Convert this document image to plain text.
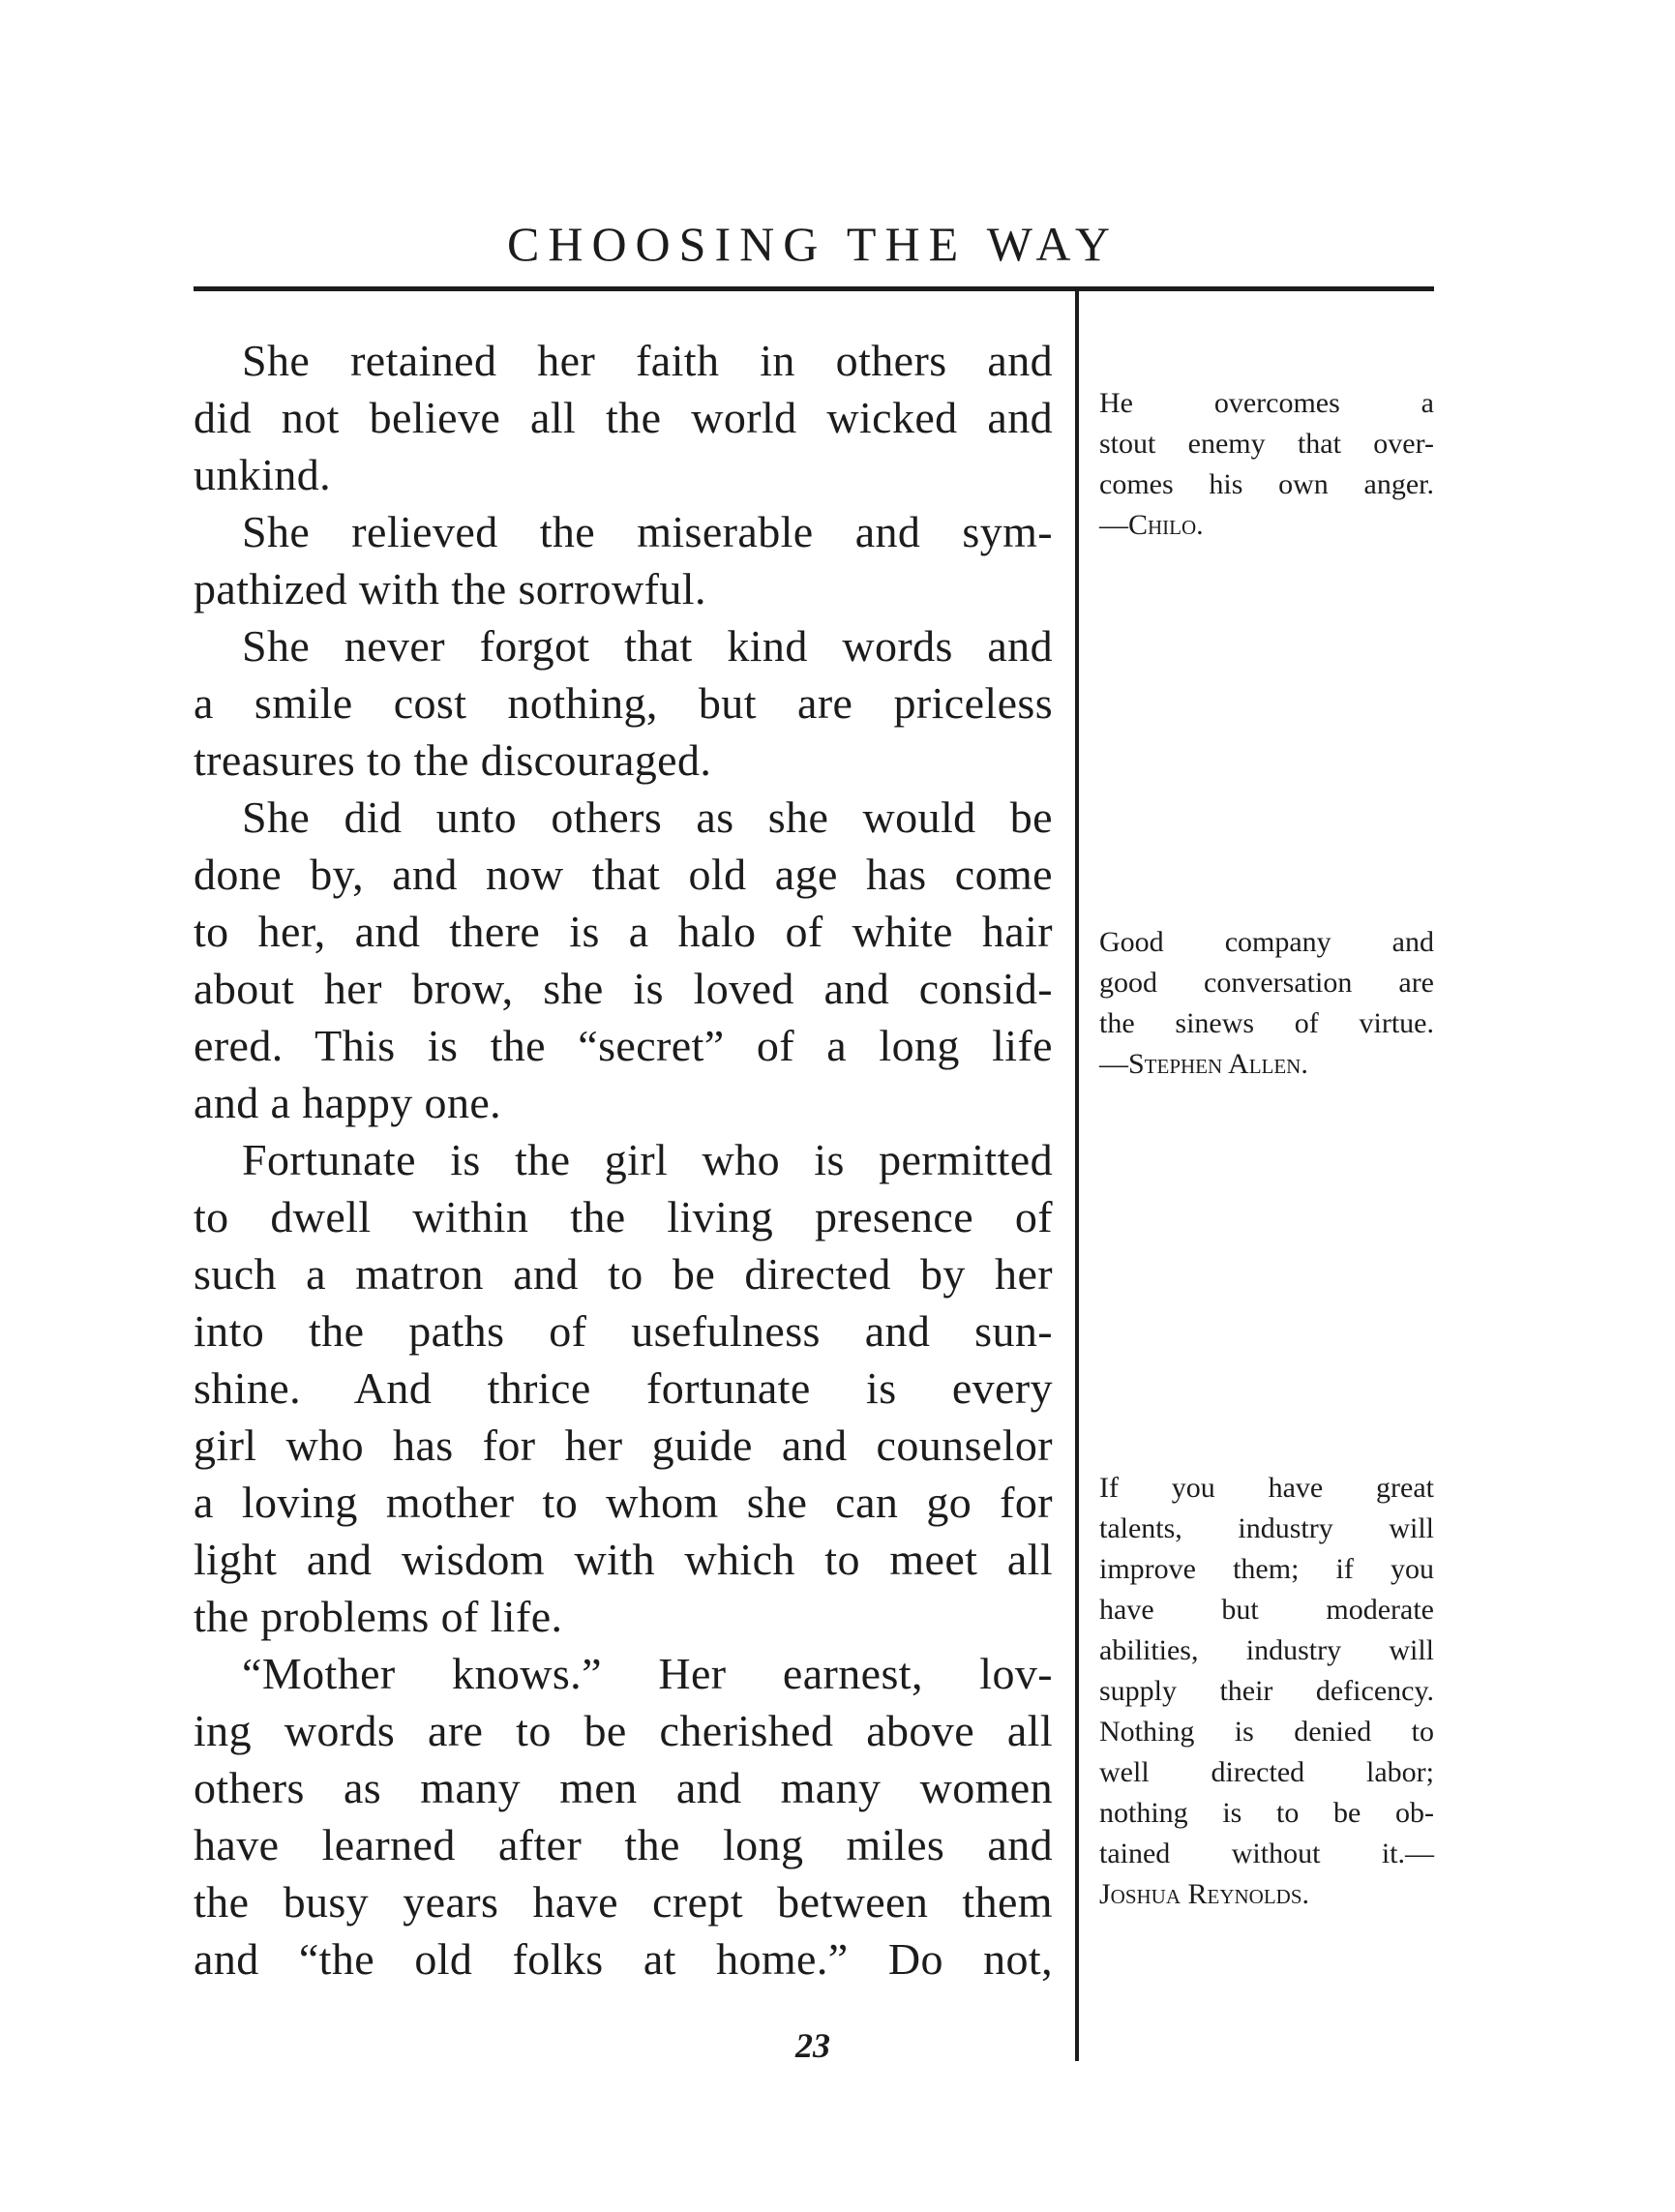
CHOOSING THE WAY

She retained her faith in others and
did not believe all the world wicked and
unkind.

She relieved the miserable and sym-
pathized with the sorrowful.

She never forgot that kind words and
a smile cost nothing, but are priceless
treasures to the discouraged.

She did unto others as she would be
done by, and now that old age has come
to her, and there is a halo of white hair
about her brow, she is loved and consid-
ered. This is the “secret” of a long life
and a happy one.

Fortunate is the girl who is permitted
to dwell within the living presence of
such a matron and to be directed by her
into the paths of usefulness and sun-
shine. And thrice fortunate is every
girl who has for her guide and counselor
a loving mother to whom she can go for
light and wisdom with which to meet all
the problems of life.

“Mother knows.” Her earnest, lov-
ing words are to be cherished above all
others as many men and many women
have learned after the long miles and
the busy years have crept between them
and “the old folks at home.” Do not,

He overcomes a
stout enemy that over-
comes his own anger.
—Chilo.
Good company and
good conversation are
the sinews of virtue.
—Stephen Allen.
If you have great
talents, industry will
improve them; if you
have but moderate
abilities, industry will
supply their deficency.
Nothing is denied to
well directed labor;
nothing is to be ob-
tained without it.—
Joshua Reynolds.
23
